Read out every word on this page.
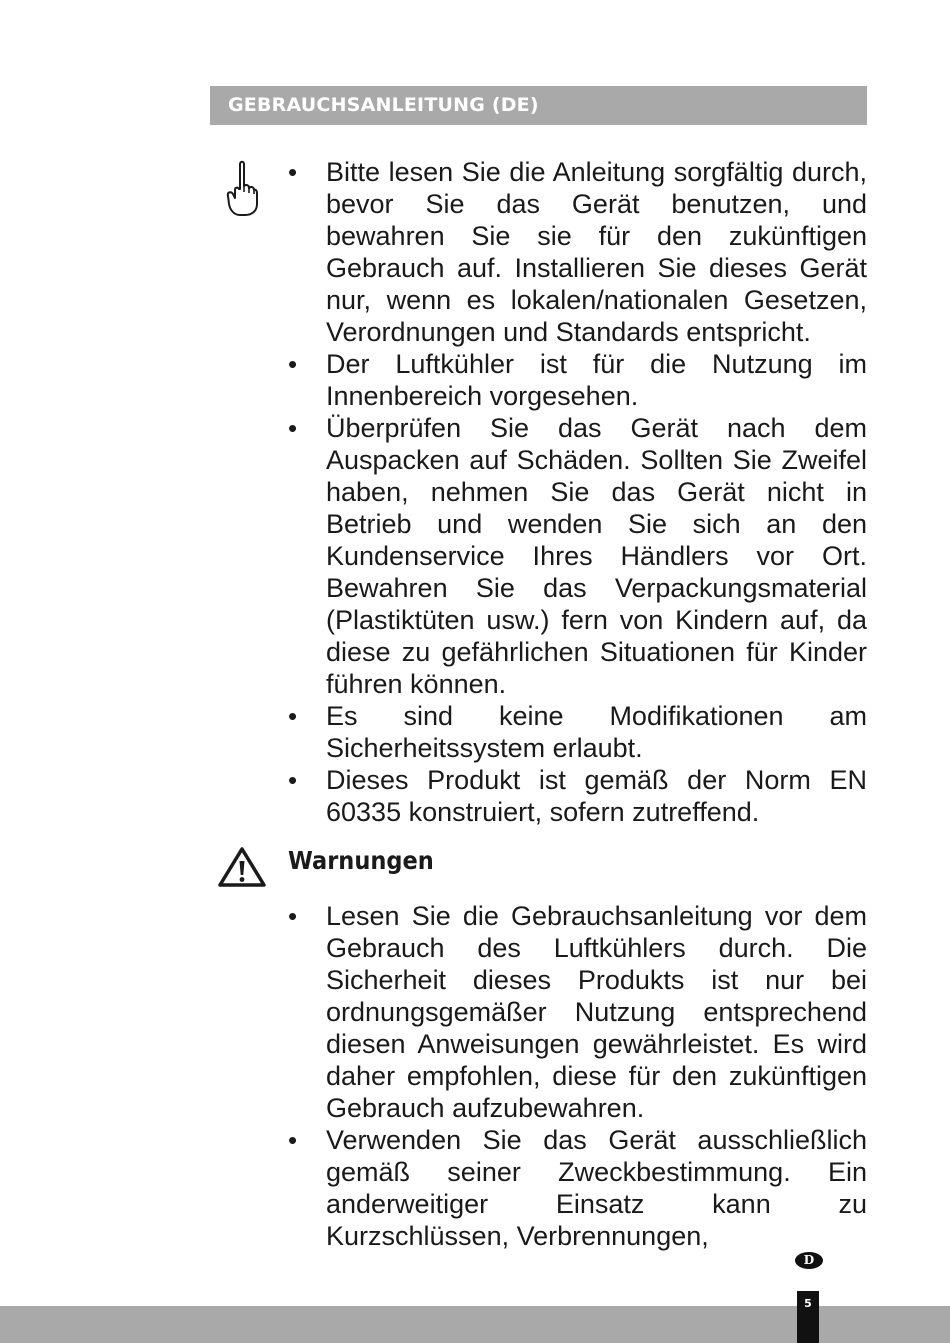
GEBRAUCHSANLEITUNG (DE)
• Bitte lesen Sie die Anleitung sorgfältig durch, bevor Sie das Gerät benutzen, und bewahren Sie sie für den zukünftigen Gebrauch auf. Installieren Sie dieses Gerät nur, wenn es lokalen/nationalen Gesetzen, Verordnungen und Standards entspricht.
• Der Luftkühler ist für die Nutzung im Innenbereich vorgesehen.
• Überprüfen Sie das Gerät nach dem Auspacken auf Schäden. Sollten Sie Zweifel haben, nehmen Sie das Gerät nicht in Betrieb und wenden Sie sich an den Kundenservice Ihres Händlers vor Ort. Bewahren Sie das Verpackungsmaterial (Plastiktüten usw.) fern von Kindern auf, da diese zu gefährlichen Situationen für Kinder führen können.
• Es sind keine Modifikationen am Sicherheitssystem erlaubt.
• Dieses Produkt ist gemäß der Norm EN 60335 konstruiert, sofern zutreffend.
Warnungen
• Lesen Sie die Gebrauchsanleitung vor dem Gebrauch des Luftkühlers durch. Die Sicherheit dieses Produkts ist nur bei ordnungsgemäßer Nutzung entsprechend diesen Anweisungen gewährleistet. Es wird daher empfohlen, diese für den zukünftigen Gebrauch aufzubewahren.
• Verwenden Sie das Gerät ausschließlich gemäß seiner Zweckbestimmung. Ein anderweitiger Einsatz kann zu Kurzschlüssen, Verbrennungen,
D
5
